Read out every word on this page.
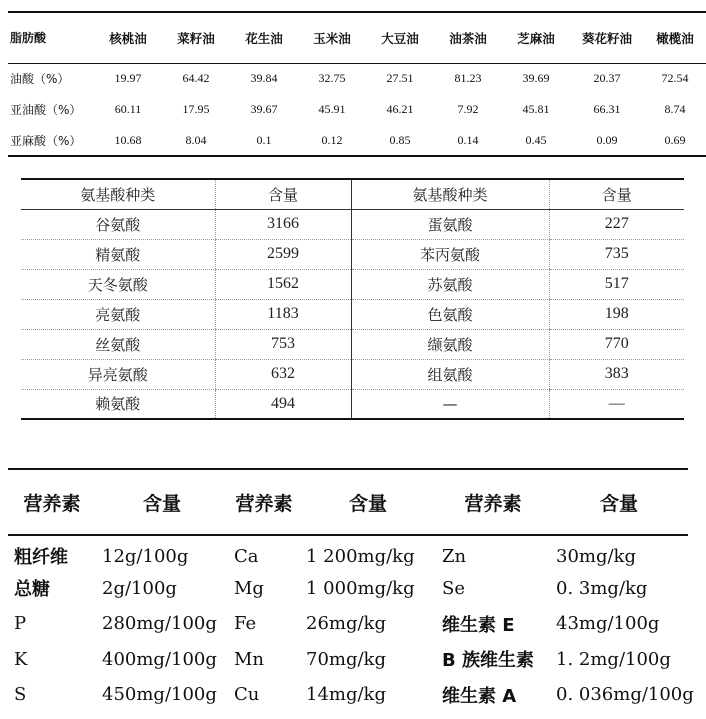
脂肪酸	核桃油	菜籽油	花生油	玉米油	大豆油	油茶油	芝麻油	葵花籽油	橄榄油
油酸（%）	19.97	64.42	39.84	32.75	27.51	81.23	39.69	20.37	72.54
亚油酸（%）	60.11	17.95	39.67	45.91	46.21	7.92	45.81	66.31	8.74
亚麻酸（%）	10.68	8.04	0.1	0.12	0.85	0.14	0.45	0.09	0.69
氨基酸种类	含量	氨基酸种类	含量
谷氨酸	3166	蛋氨酸	227
精氨酸	2599	苯丙氨酸	735
天冬氨酸	1562	苏氨酸	517
亮氨酸	1183	色氨酸	198
丝氨酸	753	缬氨酸	770
异亮氨酸	632	组氨酸	383
赖氨酸	494	—	—
营养素	含量	营养素	含量	营养素	含量
粗纤维	12g/100g	Ca	1 200mg/kg	Zn	30mg/kg
总糖	2g/100g	Mg	1 000mg/kg	Se	0. 3mg/kg
P	280mg/100g	Fe	26mg/kg	维生素 E	43mg/100g
K	400mg/100g	Mn	70mg/kg	B 族维生素	1. 2mg/100g
S	450mg/100g	Cu	14mg/kg	维生素 A	0. 036mg/100g
